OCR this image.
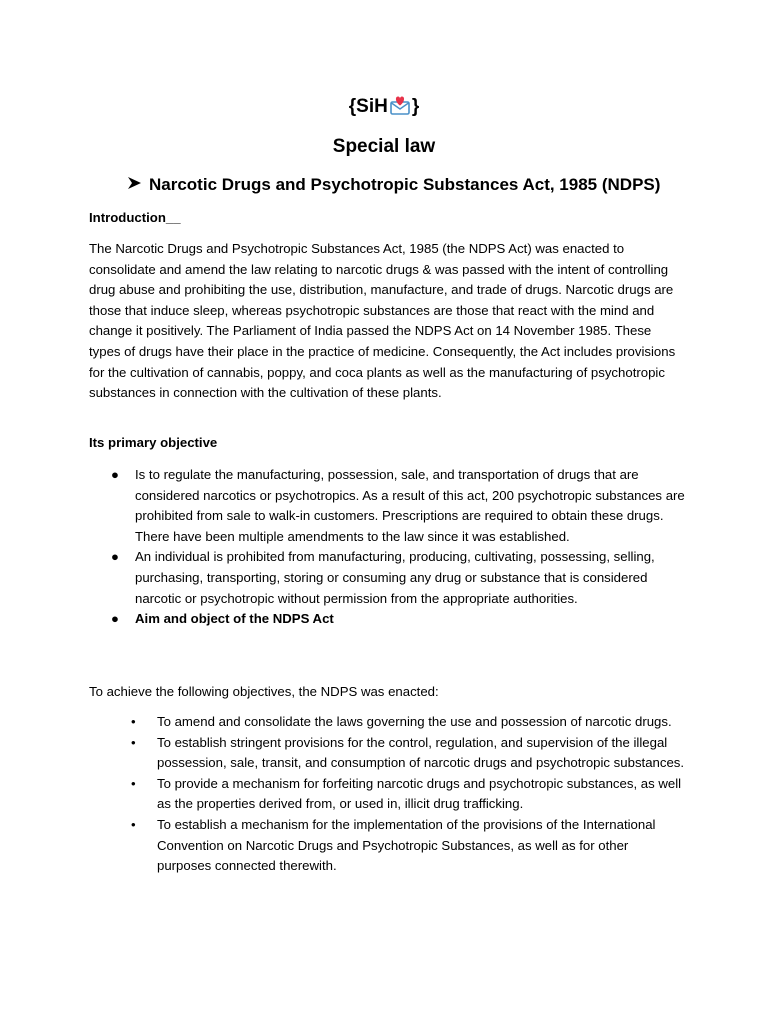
{SiH }
Special law
Narcotic Drugs and Psychotropic Substances Act, 1985 (NDPS)
Introduction__
The Narcotic Drugs and Psychotropic Substances Act, 1985 (the NDPS Act) was enacted to consolidate and amend the law relating to narcotic drugs & was passed with the intent of controlling drug abuse and prohibiting the use, distribution, manufacture, and trade of drugs. Narcotic drugs are those that induce sleep, whereas psychotropic substances are those that react with the mind and change it positively. The Parliament of India passed the NDPS Act on 14 November 1985. These types of drugs have their place in the practice of medicine. Consequently, the Act includes provisions for the cultivation of cannabis, poppy, and coca plants as well as the manufacturing of psychotropic substances in connection with the cultivation of these plants.
Its primary objective
● Is to regulate the manufacturing, possession, sale, and transportation of drugs that are considered narcotics or psychotropics. As a result of this act, 200 psychotropic substances are prohibited from sale to walk-in customers. Prescriptions are required to obtain these drugs. There have been multiple amendments to the law since it was established.
● An individual is prohibited from manufacturing, producing, cultivating, possessing, selling, purchasing, transporting, storing or consuming any drug or substance that is considered narcotic or psychotropic without permission from the appropriate authorities.
● Aim and object of the NDPS Act
To achieve the following objectives, the NDPS was enacted:
• To amend and consolidate the laws governing the use and possession of narcotic drugs.
• To establish stringent provisions for the control, regulation, and supervision of the illegal possession, sale, transit, and consumption of narcotic drugs and psychotropic substances.
• To provide a mechanism for forfeiting narcotic drugs and psychotropic substances, as well as the properties derived from, or used in, illicit drug trafficking.
• To establish a mechanism for the implementation of the provisions of the International Convention on Narcotic Drugs and Psychotropic Substances, as well as for other purposes connected therewith.
